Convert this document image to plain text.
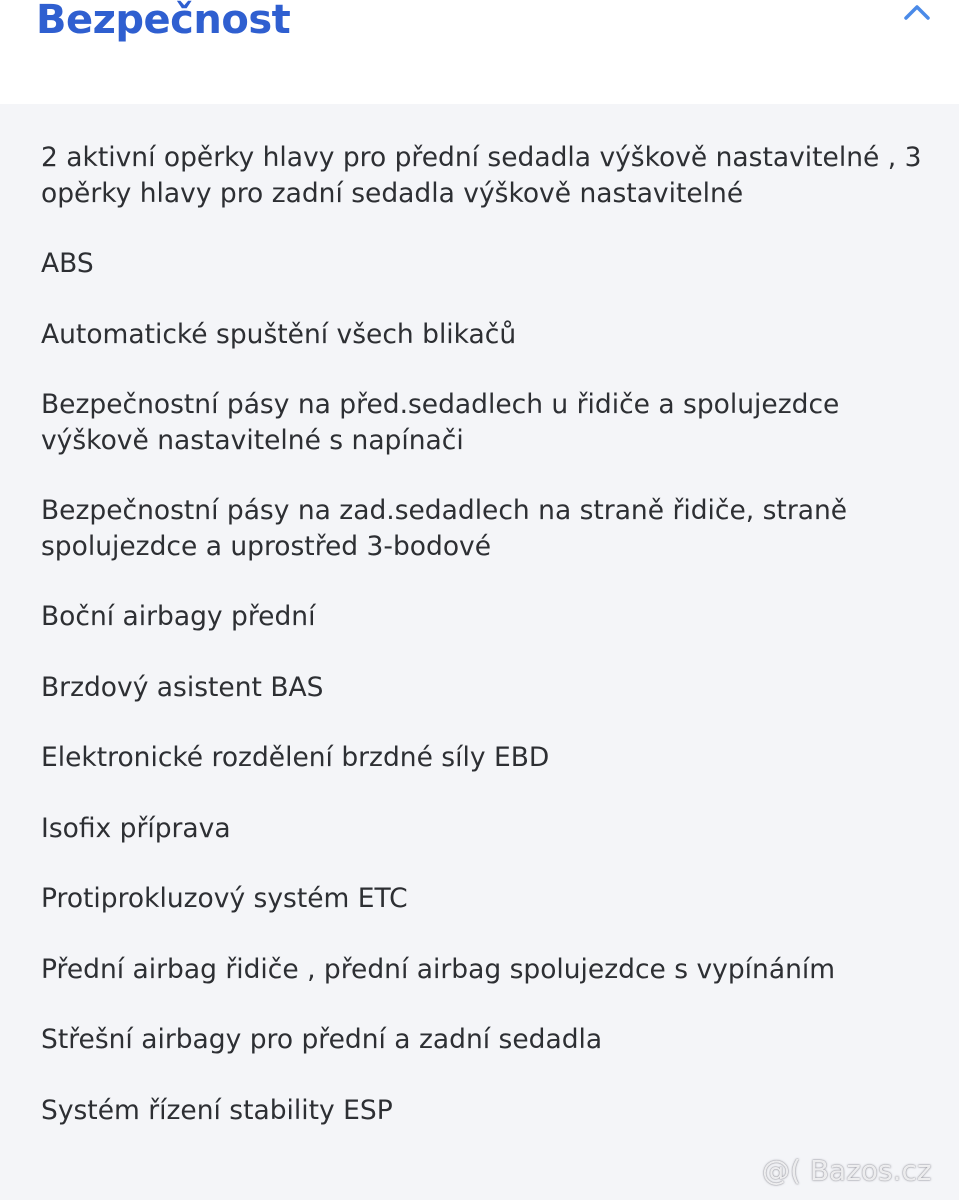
Bezpečnost
2 aktivní opěrky hlavy pro přední sedadla výškově nastavitelné , 3 opěrky hlavy pro zadní sedadla výškově nastavitelné
ABS
Automatické spuštění všech blikačů
Bezpečnostní pásy na před.sedadlech u řidiče a spolujezdce výškově nastavitelné s napínači
Bezpečnostní pásy na zad.sedadlech na straně řidiče, straně spolujezdce a uprostřed 3-bodové
Boční airbagy přední
Brzdový asistent BAS
Elektronické rozdělení brzdné síly EBD
Isofix příprava
Protiprokluzový systém ETC
Přední airbag řidiče , přední airbag spolujezdce s vypínáním
Střešní airbagy pro přední a zadní sedadla
Systém řízení stability ESP
@( Bazos.cz
